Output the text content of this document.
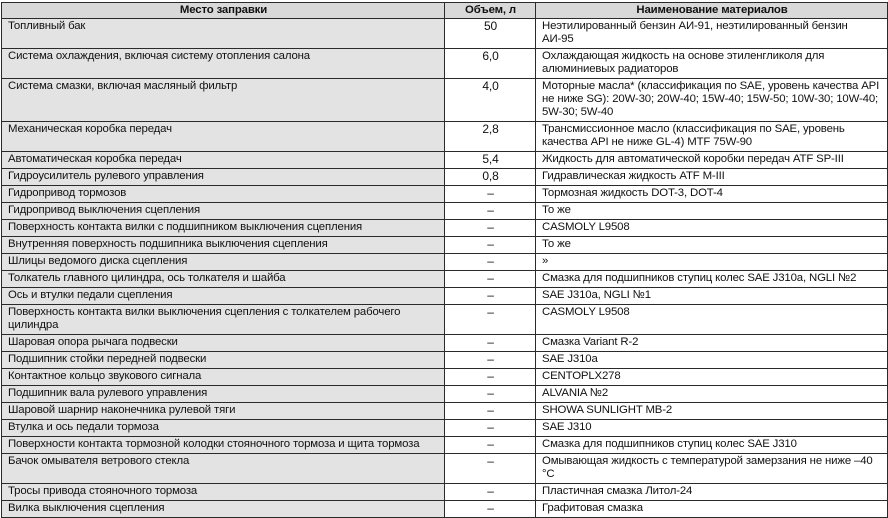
Место заправки	Объем, л	Наименование материалов
Топливный бак	50	Неэтилированный бензин АИ-91, неэтилированный бензин АИ-95
Система охлаждения, включая систему отопления салона	6,0	Охлаждающая жидкость на основе этиленгликоля для алюминиевых радиаторов
Система смазки, включая масляный фильтр	4,0	Моторные масла* (классификация по SAE, уровень качества API не ниже SG): 20W-30; 20W-40; 15W-40; 15W-50; 10W-30; 10W-40; 5W-30; 5W-40
Механическая коробка передач	2,8	Трансмиссионное масло (классификация по SAE, уровень качества API не ниже GL-4) MTF 75W-90
Автоматическая коробка передач	5,4	Жидкость для автоматической коробки передач ATF SP-III
Гидроусилитель рулевого управления	0,8	Гидравлическая жидкость ATF M-III
Гидропривод тормозов	–	Тормозная жидкость DOT-3, DOT-4
Гидропривод выключения сцепления	–	То же
Поверхность контакта вилки с подшипником выключения сцепления	–	CASMOLY L9508
Внутренняя поверхность подшипника выключения сцепления	–	То же
Шлицы ведомого диска сцепления	–	»
Толкатель главного цилиндра, ось толкателя и шайба	–	Смазка для подшипников ступиц колес SAE J310a, NGLI №2
Ось и втулки педали сцепления	–	SAE J310a, NGLI №1
Поверхность контакта вилки выключения сцепления с толкателем рабочего цилиндра	–	CASMOLY L9508
Шаровая опора рычага подвески	–	Смазка Variant R-2
Подшипник стойки передней подвески	–	SAE J310a
Контактное кольцо звукового сигнала	–	CENTOPLX278
Подшипник вала рулевого управления	–	ALVANIA №2
Шаровой шарнир наконечника рулевой тяги	–	SHOWA SUNLIGHT MB-2
Втулка и ось педали тормоза	–	SAE J310
Поверхности контакта тормозной колодки стояночного тормоза и щита тормоза	–	Смазка для подшипников ступиц колес SAE J310
Бачок омывателя ветрового стекла	–	Омывающая жидкость с температурой замерзания не ниже –40 °С
Тросы привода стояночного тормоза	–	Пластичная смазка Литол-24
Вилка выключения сцепления	–	Графитовая смазка
